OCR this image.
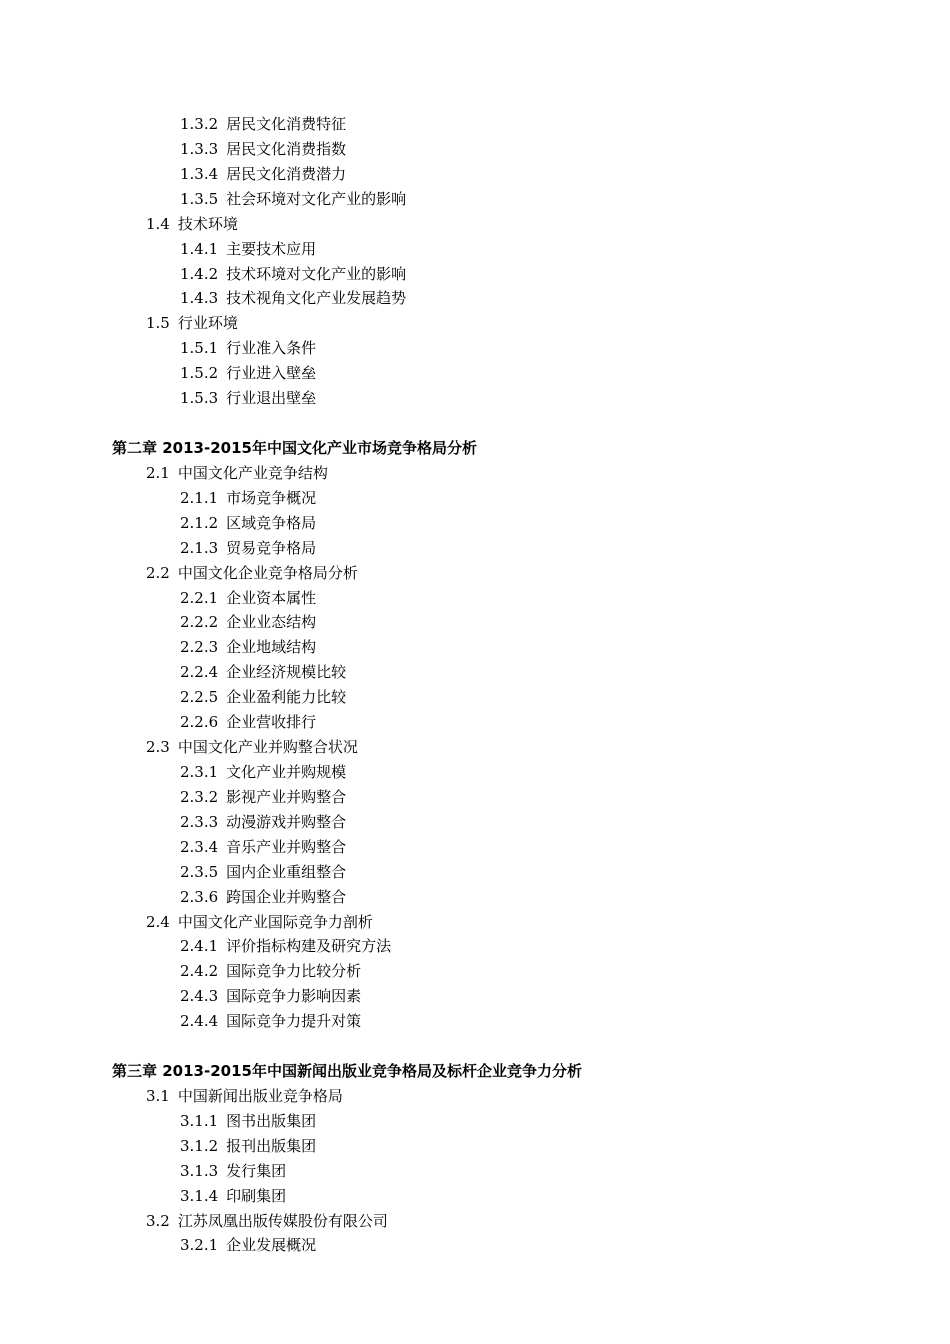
1.3.2 居民文化消费特征
1.3.3 居民文化消费指数
1.3.4 居民文化消费潜力
1.3.5 社会环境对文化产业的影响
1.4 技术环境
1.4.1 主要技术应用
1.4.2 技术环境对文化产业的影响
1.4.3 技术视角文化产业发展趋势
1.5 行业环境
1.5.1 行业准入条件
1.5.2 行业进入壁垒
1.5.3 行业退出壁垒
第二章 2013-2015年中国文化产业市场竞争格局分析
2.1 中国文化产业竞争结构
2.1.1 市场竞争概况
2.1.2 区域竞争格局
2.1.3 贸易竞争格局
2.2 中国文化企业竞争格局分析
2.2.1 企业资本属性
2.2.2 企业业态结构
2.2.3 企业地域结构
2.2.4 企业经济规模比较
2.2.5 企业盈利能力比较
2.2.6 企业营收排行
2.3 中国文化产业并购整合状况
2.3.1 文化产业并购规模
2.3.2 影视产业并购整合
2.3.3 动漫游戏并购整合
2.3.4 音乐产业并购整合
2.3.5 国内企业重组整合
2.3.6 跨国企业并购整合
2.4 中国文化产业国际竞争力剖析
2.4.1 评价指标构建及研究方法
2.4.2 国际竞争力比较分析
2.4.3 国际竞争力影响因素
2.4.4 国际竞争力提升对策
第三章 2013-2015年中国新闻出版业竞争格局及标杆企业竞争力分析
3.1 中国新闻出版业竞争格局
3.1.1 图书出版集团
3.1.2 报刊出版集团
3.1.3 发行集团
3.1.4 印刷集团
3.2 江苏凤凰出版传媒股份有限公司
3.2.1 企业发展概况
